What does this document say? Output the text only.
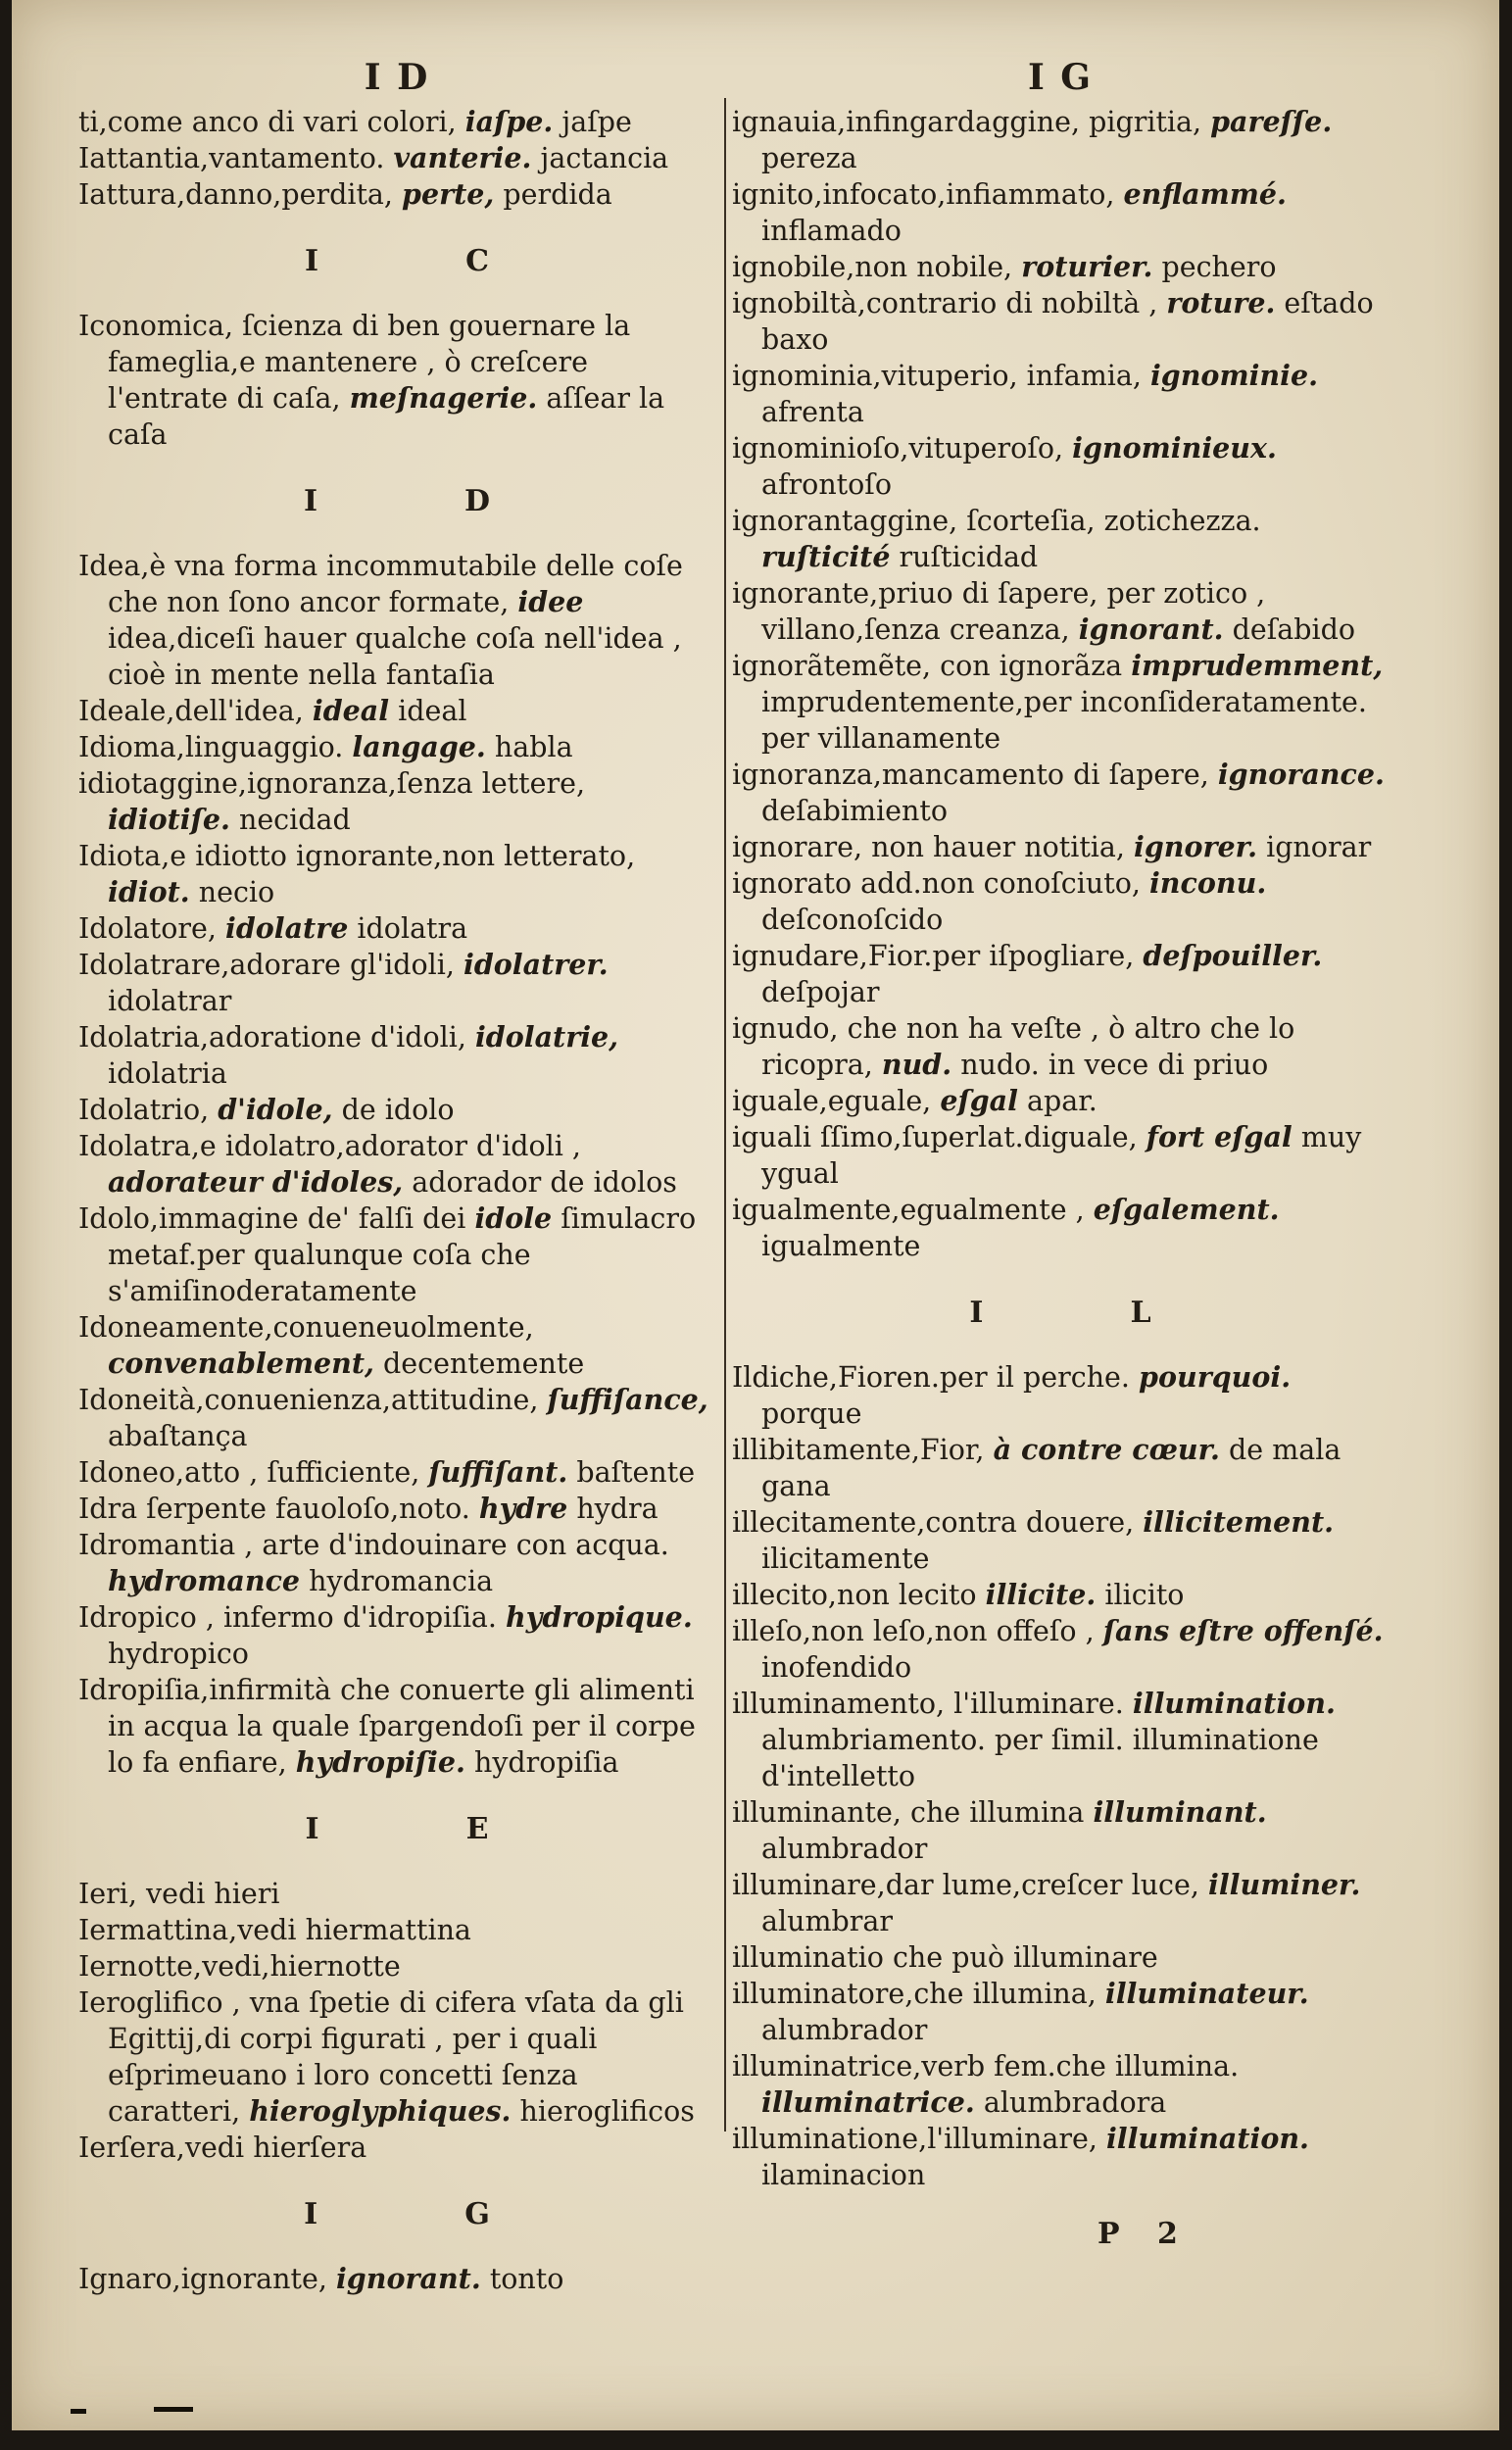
I D

ti,come anco di vari colori, iaſpe. jaſpe

Iattantia,vantamento. vanterie. jactancia

Iattura,danno,perdita, perte, perdida

I	C

Iconomica, ſcienza di ben gouernare la fameglia,e mantenere , ò creſcere l'entrate di caſa, meſnagerie. aſſear la caſa

I	D

Idea,è vna forma incommutabile delle coſe che non ſono ancor formate, idee idea,diceſi hauer qualche coſa nell'idea , cioè in mente nella fantaſia

Ideale,dell'idea, ideal ideal

Idioma,linguaggio. langage. habla

idiotaggine,ignoranza,ſenza lettere, idiotiſe. necidad

Idiota,e idiotto ignorante,non letterato, idiot. necio

Idolatore, idolatre idolatra

Idolatrare,adorare gl'idoli, idolatrer. idolatrar

Idolatria,adoratione d'idoli, idolatrie, idolatria

Idolatrio, d'idole, de idolo

Idolatra,e idolatro,adorator d'idoli , adorateur d'idoles, adorador de idolos

Idolo,immagine de' falſi dei idole ſimulacro metaf.per qualunque coſa che s'amiſinoderatamente

Idoneamente,conueneuolmente, convenablement, decentemente

Idoneità,conuenienza,attitudine, ſuffiſance, abaſtança

Idoneo,atto , ſufficiente, ſuffiſant. baſtente

Idra ſerpente fauoloſo,noto. hydre hydra

Idromantia , arte d'indouinare con acqua. hydromance hydromancia

Idropico , infermo d'idropiſia. hydropique. hydropico

Idropiſia,infirmità che conuerte gli alimenti in acqua la quale ſpargendoſi per il corpe lo fa enfiare, hydropiſie. hydropiſia

I	E

Ieri, vedi hieri

Iermattina,vedi hiermattina

Iernotte,vedi,hiernotte

Ieroglifico , vna ſpetie di cifera vſata da gli Egittij,di corpi figurati , per i quali eſprimeuano i loro concetti ſenza caratteri, hieroglyphiques. hieroglificos

Ierſera,vedi hierſera

I	G

Ignaro,ignorante, ignorant. tonto

I G

ignauia,infingardaggine, pigritia, pareſſe. pereza

ignito,infocato,infiammato, enflammé. inflamado

ignobile,non nobile, roturier. pechero

ignobiltà,contrario di nobiltà , roture. eſtado baxo

ignominia,vituperio, infamia, ignominie. afrenta

ignominioſo,vituperoſo, ignominieux. afrontoſo

ignorantaggine, ſcorteſia, zotichezza. ruſticité ruſticidad

ignorante,priuo di ſapere, per zotico , villano,ſenza creanza, ignorant. deſabido

ignorãtemẽte, con ignorãza imprudemment, imprudentemente,per inconſideratamente. per villanamente

ignoranza,mancamento di ſapere, ignorance. deſabimiento

ignorare, non hauer notitia, ignorer. ignorar

ignorato add.non conoſciuto, inconu. deſconoſcido

ignudare,Fior.per iſpogliare, deſpouiller. deſpojar

ignudo, che non ha veſte , ò altro che lo ricopra, nud. nudo. in vece di priuo

iguale,eguale, eſgal apar.

iguali ſſimo,ſuperlat.diguale, fort eſgal muy ygual

igualmente,egualmente , eſgalement. igualmente

I	L

Ildiche,Fioren.per il perche. pourquoi. porque

illibitamente,Fior, à contre cœur. de mala gana

illecitamente,contra douere, illicitement. ilicitamente

illecito,non lecito illicite. ilicito

illeſo,non leſo,non offeſo , ſans eſtre offenſé. inofendido

illuminamento, l'illuminare. illumination. alumbriamento. per ſimil. illuminatione d'intelletto

illuminante, che illumina illuminant. alumbrador

illuminare,dar lume,creſcer luce, illuminer. alumbrar

illuminatio che può illuminare

illuminatore,che illumina, illuminateur. alumbrador

illuminatrice,verb fem.che illumina. illuminatrice. alumbradora

illuminatione,l'illuminare, illumination. ilaminacion

P 2
